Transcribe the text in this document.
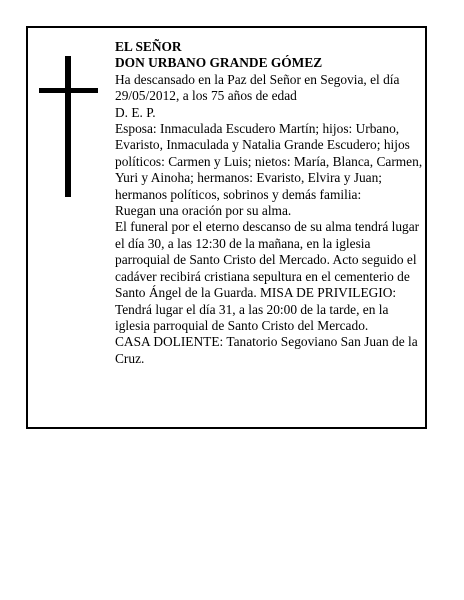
EL SEÑOR

DON URBANO GRANDE GÓMEZ

Ha descansado en la Paz del Señor en Segovia, el día 29/05/2012, a los 75 años de edad

D. E. P.

Esposa: Inmaculada Escudero Martín; hijos: Urbano, Evaristo, Inmaculada y Natalia Grande Escudero; hijos políticos: Carmen y Luis; nietos: María, Blanca, Carmen, Yuri y Ainoha; hermanos: Evaristo, Elvira y Juan; hermanos políticos, sobrinos y demás familia:

Ruegan una oración por su alma.

El funeral por el eterno descanso de su alma tendrá lugar el día 30, a las 12:30 de la mañana, en la iglesia parroquial de Santo Cristo del Mercado. Acto seguido el cadáver recibirá cristiana sepultura en el cementerio de Santo Ángel de la Guarda. MISA DE PRIVILEGIO: Tendrá lugar el día 31, a las 20:00 de la tarde, en la iglesia parroquial de Santo Cristo del Mercado.

CASA DOLIENTE: Tanatorio Segoviano San Juan de la Cruz.
